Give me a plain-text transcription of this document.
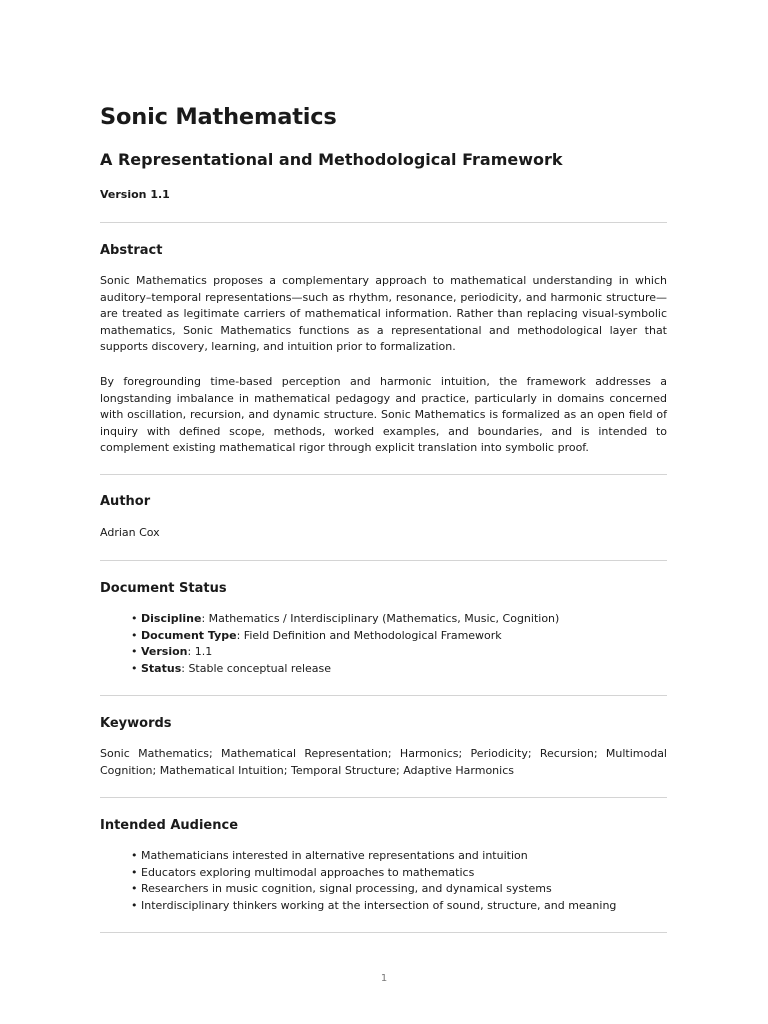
Sonic Mathematics
A Representational and Methodological Framework

Version 1.1

Abstract

Sonic Mathematics proposes a complementary approach to mathematical understanding in which auditory–temporal representations—such as rhythm, resonance, periodicity, and harmonic structure—are treated as legitimate carriers of mathematical information. Rather than replacing visual-symbolic mathematics, Sonic Mathematics functions as a representational and methodological layer that supports discovery, learning, and intuition prior to formalization.

By foregrounding time-based perception and harmonic intuition, the framework addresses a longstanding imbalance in mathematical pedagogy and practice, particularly in domains concerned with oscillation, recursion, and dynamic structure. Sonic Mathematics is formalized as an open field of inquiry with defined scope, methods, worked examples, and boundaries, and is intended to complement existing mathematical rigor through explicit translation into symbolic proof.

Author

Adrian Cox

Document Status
• Discipline: Mathematics / Interdisciplinary (Mathematics, Music, Cognition)
• Document Type: Field Definition and Methodological Framework
• Version: 1.1
• Status: Stable conceptual release
Keywords

Sonic Mathematics; Mathematical Representation; Harmonics; Periodicity; Recursion; Multimodal Cognition; Mathematical Intuition; Temporal Structure; Adaptive Harmonics

Intended Audience
• Mathematicians interested in alternative representations and intuition
• Educators exploring multimodal approaches to mathematics
• Researchers in music cognition, signal processing, and dynamical systems
• Interdisciplinary thinkers working at the intersection of sound, structure, and meaning
1
